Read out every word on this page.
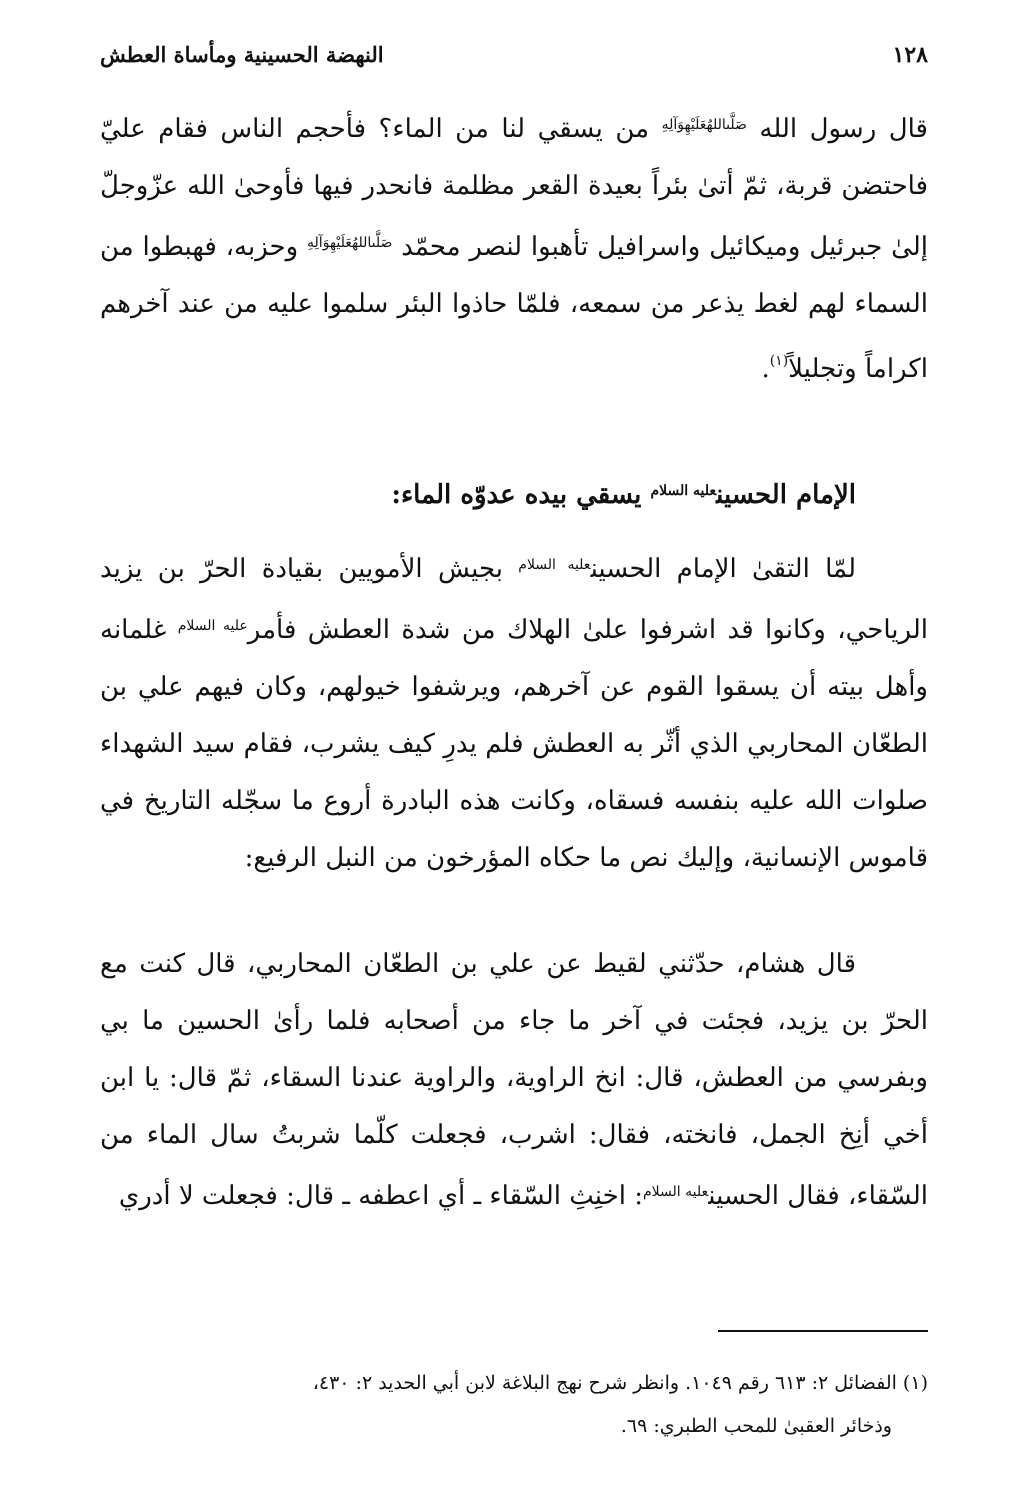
١٢٨
النهضة الحسينية ومأساة العطش

قال رسول الله $^{صَلَّىاللهُعَلَيْهِوَآلِهِ}$ من يسقي لنا من الماء؟ فأحجم الناس فقام عليّ فاحتضن قربة، ثمّ أتىٰ بئراً بعيدة القعر مظلمة فانحدر فيها فأوحىٰ الله عزّوجلّ إلىٰ جبرئيل وميكائيل واسرافيل تأهبوا لنصر محمّد $^{صَلَّىاللهُعَلَيْهِوَآلِهِ}$ وحزبه، فهبطوا من السماء لهم لغط يذعر من سمعه، فلمّا حاذوا البئر سلموا عليه من عند آخرهم اكراماً وتجليلاً$^{(١)}$.

الإمام الحسين$^{عليه السلام}$ يسقي بيده عدوّه الماء:

لمّا التقىٰ الإمام الحسين$^{عليه السلام}$ بجيش الأمويين بقيادة الحرّ بن يزيد الرياحي، وكانوا قد اشرفوا علىٰ الهلاك من شدة العطش فأمر$^{عليه السلام}$ غلمانه وأهل بيته أن يسقوا القوم عن آخرهم، ويرشفوا خيولهم، وكان فيهم علي بن الطعّان المحاربي الذي أثّر به العطش فلم يدرِ كيف يشرب، فقام سيد الشهداء صلوات الله عليه بنفسه فسقاه، وكانت هذه البادرة أروع ما سجّله التاريخ في قاموس الإنسانية، وإليك نص ما حكاه المؤرخون من النبل الرفيع:

قال هشام، حدّثني لقيط عن علي بن الطعّان المحاربي، قال كنت مع الحرّ بن يزيد، فجئت في آخر ما جاء من أصحابه فلما رأىٰ الحسين ما بي وبفرسي من العطش، قال: انخ الراوية، والراوية عندنا السقاء، ثمّ قال: يا ابن أخي أنِخ الجمل، فانخته، فقال: اشرب، فجعلت كلّما شربتُ سال الماء من السّقاء، فقال الحسين$^{عليه السلام}$: اخنِثِ السّقاء ـ أي اعطفه ـ قال: فجعلت لا أدري

(١) الفضائل ٢: ٦١٣ رقم ١٠٤٩. وانظر شرح نهج البلاغة لابن أبي الحديد ٢: ٤٣٠،

وذخائر العقبىٰ للمحب الطبري: ٦٩.
